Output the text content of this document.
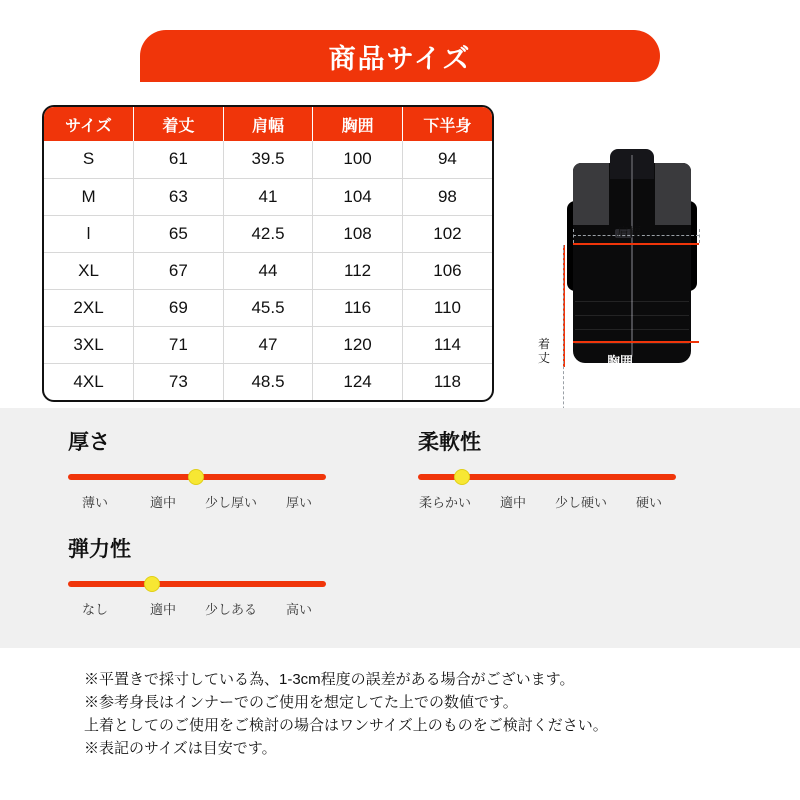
商品サイズ
サイズ	着丈	肩幅	胸囲	下半身
S	61	39.5	100	94
M	63	41	104	98
l	65	42.5	108	102
XL	67	44	112	106
2XL	69	45.5	116	110
3XL	71	47	120	114
4XL	73	48.5	124	118
肩幅
着丈	胸囲
厚さ
薄い	適中	少し厚い	厚い
柔軟性
柔らかい	適中	少し硬い	硬い
弾力性
なし	適中	少しある	高い

※平置きで採寸している為、1-3cm程度の誤差がある場合がございます。

※参考身長はインナーでのご使用を想定してた上での数値です。

上着としてのご使用をご検討の場合はワンサイズ上のものをご検討ください。

※表記のサイズは目安です。
